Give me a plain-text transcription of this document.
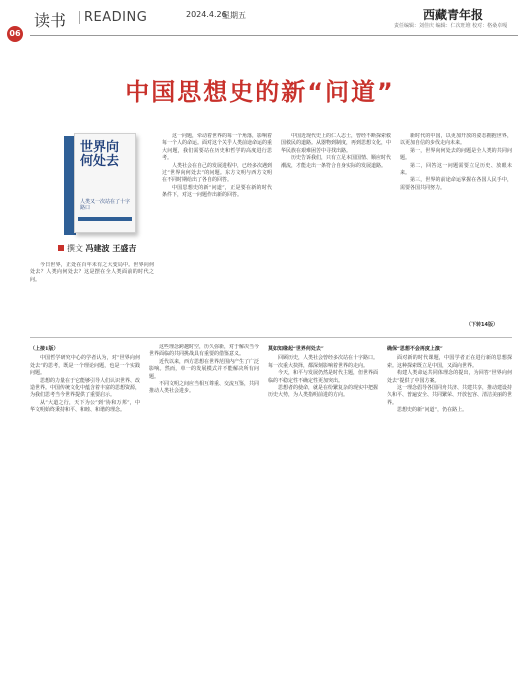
06
读书 READING	2024.4.26
星期五	西藏青年报
责任编辑：刘佳庆 编辑：仁次旺堆 校对：格桑卓嘎
中国思想史的新“问道”
世界向何处去
人类又一次站在了十字路口
撰文 冯建波 王盛吉

今日世界，正处在百年未有之大变局中。世界向何处去？人类向何处去？这是摆在全人类面前的时代之问。

这一问题，牵动着世界的每一个角落，影响着每一个人的命运。面对这个关乎人类前途命运的重大问题，我们需要站在历史和哲学的高度进行思考。

人类社会在自己的发展进程中，已经多次遇到过“世界向何处去”的问题。东方文明与西方文明在不同时期给出了各自的回答。

中国思想史的新“问道”，正是要在新的时代条件下，对这一问题作出新的回答。

中国近现代史上的仁人志士，曾经不断探索救国救民的道路。从器物到制度，再到思想文化，中华民族在艰难困苦中寻找出路。

历史告诉我们，只有立足本国国情、顺应时代潮流，才能走出一条符合自身实际的发展道路。

新时代的中国，以更加开放的姿态拥抱世界，以更加自信的步伐走向未来。

第一，世界向何处去的问题是全人类的共同问题。

第二，回答这一问题需要立足历史、放眼未来。

第三，世界的前途命运掌握在各国人民手中，需要各国共同努力。

（下转14版）

（上接1版）

中国哲学研究中心的学者认为，对“世界向何处去”的思考，既是一个理论问题，也是一个实践问题。

思想的力量在于它能够引导人们认识世界、改造世界。中国传统文化中蕴含着丰富的思想资源，为我们思考当今世界提供了重要启示。

从“大道之行，天下为公”到“协和万邦”，中华文明始终秉持和平、和睦、和谐的理念。

这些理念跨越时空，历久弥新，对于解决当今世界面临的共同挑战具有重要的借鉴意义。

近代以来，西方思想在世界范围内产生了广泛影响。然而，单一的发展模式并不能解决所有问题。

不同文明之间应当相互尊重、交流互鉴，共同推动人类社会进步。

莫如知缘起“世界何处去”

回顾历史，人类社会曾经多次站在十字路口。每一次重大抉择，都深刻影响着世界的走向。

今天，和平与发展仍然是时代主题，但世界面临的不稳定性不确定性更加突出。

思想者的使命，就是在纷繁复杂的现实中把握历史大势，为人类指明前进的方向。

确保“思想不会再度上演”

面对新的时代课题，中国学者正在进行新的思想探索。这种探索既立足中国，又面向世界。

构建人类命运共同体理念的提出，为回答“世界向何处去”提供了中国方案。

这一理念倡导各国同舟共济、共建共享，推动建设持久和平、普遍安全、共同繁荣、开放包容、清洁美丽的世界。

思想史的新“问道”，仍在路上。
